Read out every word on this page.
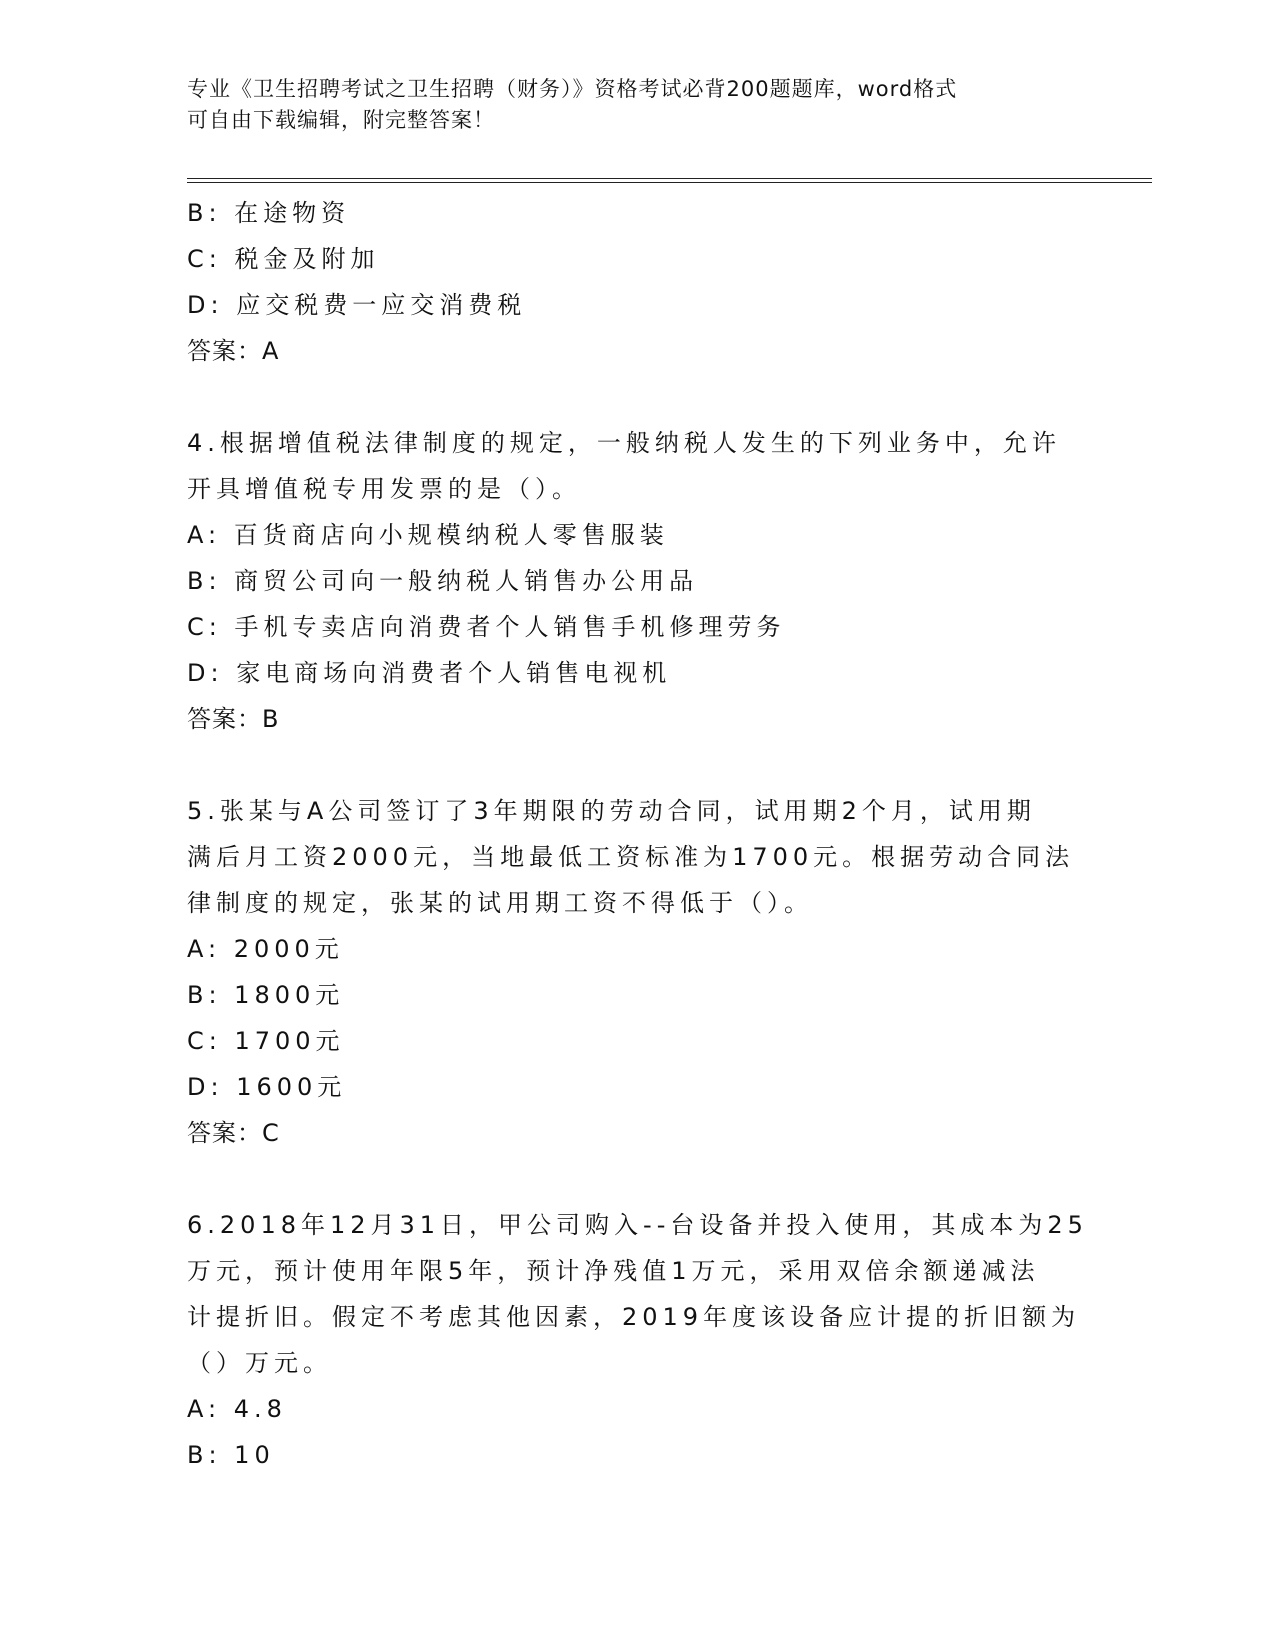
专业《卫生招聘考试之卫生招聘（财务）》资格考试必背200题题库，word格式
可自由下载编辑，附完整答案！
B: 在途物资
C: 税金及附加
D: 应交税费一应交消费税
答案：A
4.根据增值税法律制度的规定，一般纳税人发生的下列业务中，允许
开具增值税专用发票的是（）。
A: 百货商店向小规模纳税人零售服装
B: 商贸公司向一般纳税人销售办公用品
C: 手机专卖店向消费者个人销售手机修理劳务
D: 家电商场向消费者个人销售电视机
答案：B
5.张某与A公司签订了3年期限的劳动合同，试用期2个月，试用期
满后月工资2000元，当地最低工资标准为1700元。根据劳动合同法
律制度的规定，张某的试用期工资不得低于（）。
A: 2000元
B: 1800元
C: 1700元
D: 1600元
答案：C
6.2018年12月31日，甲公司购入--台设备并投入使用，其成本为25
万元，预计使用年限5年，预计净残值1万元，采用双倍余额递减法
计提折旧。假定不考虑其他因素，2019年度该设备应计提的折旧额为
（）万元。
A: 4.8
B: 10
